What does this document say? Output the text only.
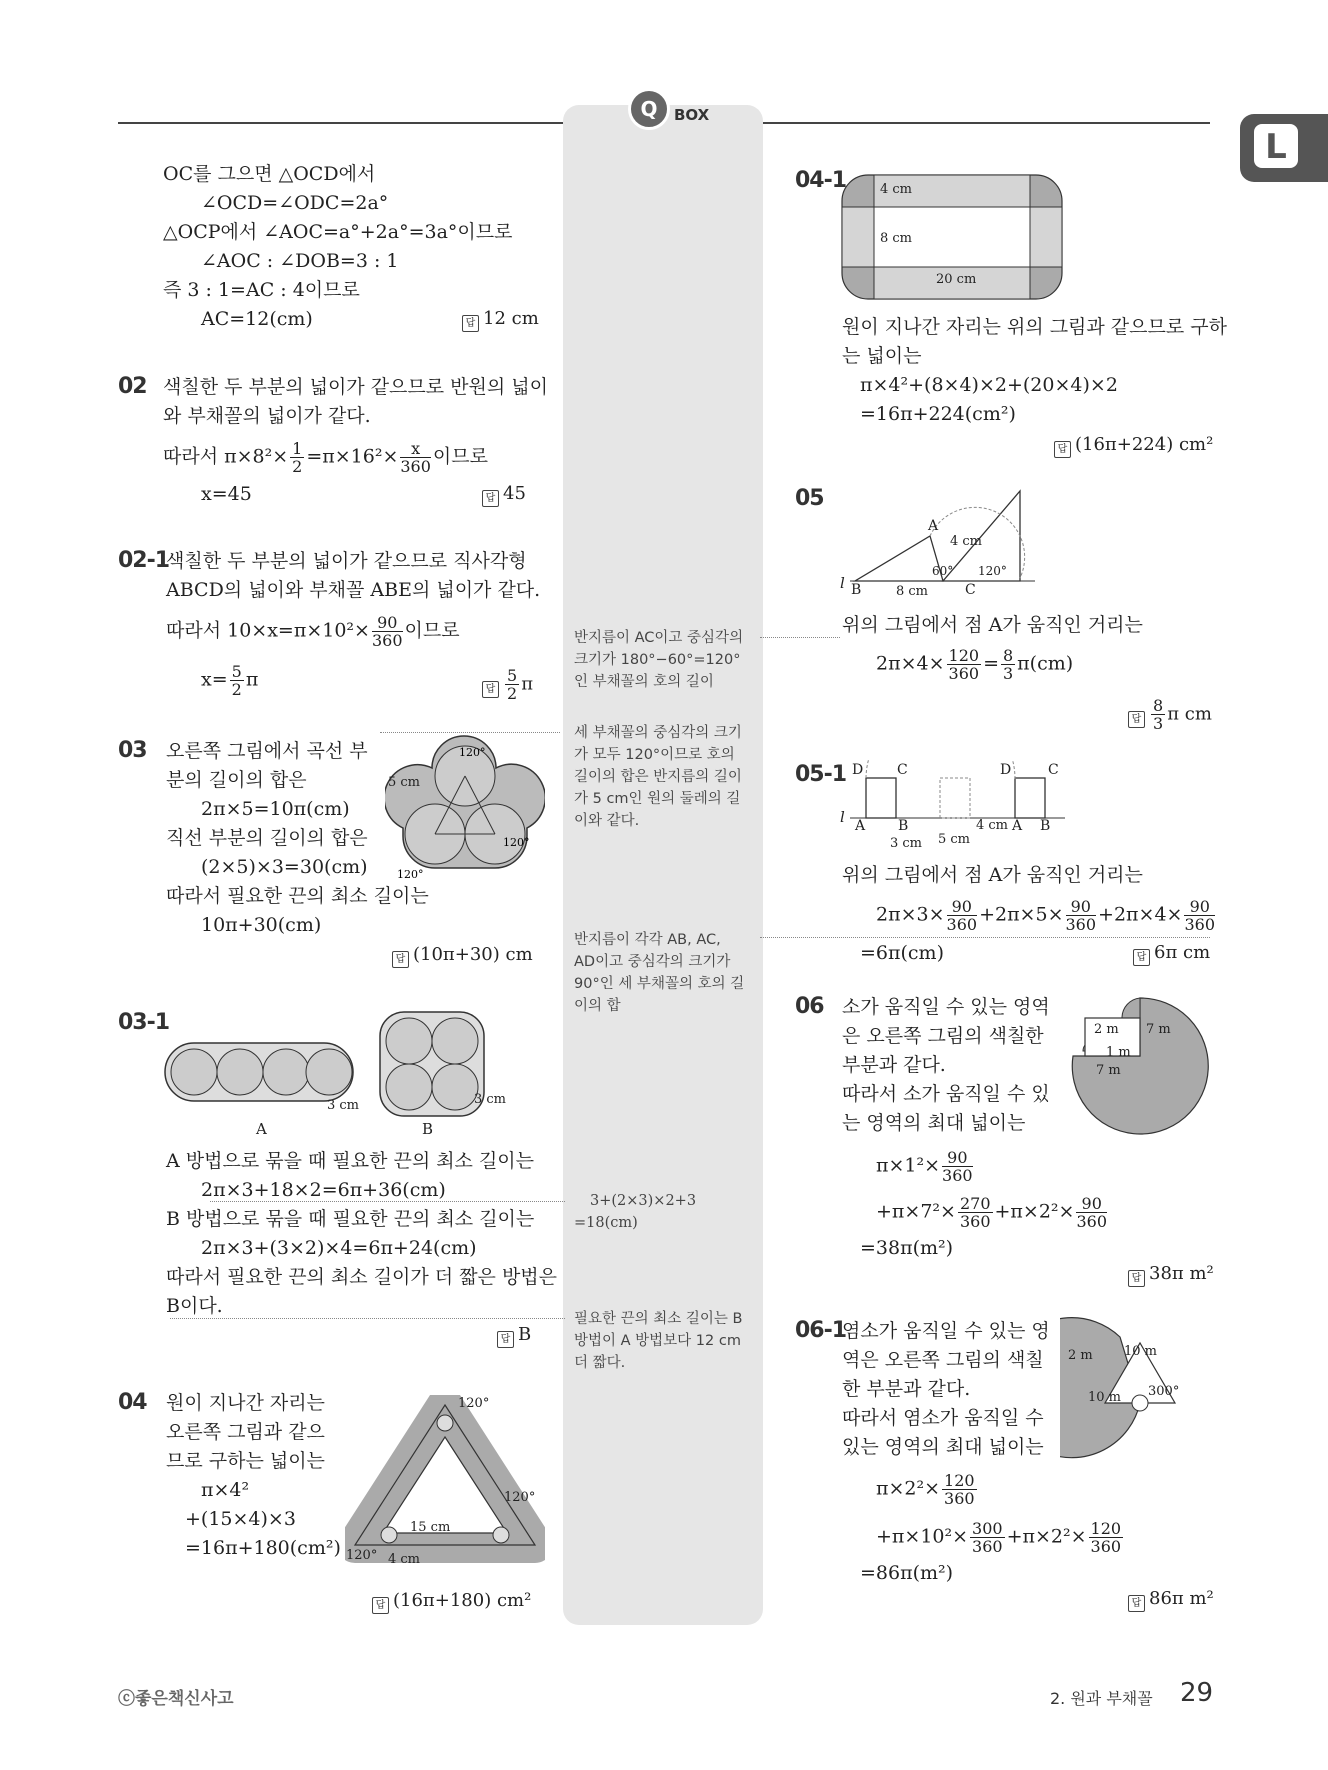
Q	BOX
L
OC를 그으면 △OCD에서
∠OCD=∠ODC=2a°
△OCP에서 ∠AOC=a°+2a°=3a°이므로
∠AOC : ∠DOB=3 : 1
즉 3 : 1=AC : 4이므로
AC=12(cm)	답 12 cm
02 색칠한 두 부분의 넓이가 같으므로 반원의 넓이
와 부채꼴의 넓이가 같다.
따라서 $\pi\times 8^2\times \frac{1}{2} =\pi\times 16^2\times \frac{x}{360}$ 이므로
x=45	답 45
02-1
색칠한 두 부분의 넓이가 같으므로 직사각형
ABCD의 넓이와 부채꼴 ABE의 넓이가 같다.
따라서 $10\times x=\pi\times 10^2\times \frac{90}{360}$ 이므로
$x= \frac{5}{2}$ π	답 $\frac{5}{2}$ π
03 오른쪽 그림에서 곡선 부
분의 길이의 합은
2π×5=10π(cm)
직선 부분의 길이의 합은
(2×5)×3=30(cm)
따라서 필요한 끈의 최소 길이는
10π+30(cm)
답 (10π+30) cm
120°
120°
120°
5 cm
03-1
3 cm
A
3 cm
B
A 방법으로 묶을 때 필요한 끈의 최소 길이는
2π×3+18×2=6π+36(cm)
B 방법으로 묶을 때 필요한 끈의 최소 길이는
2π×3+(3×2)×4=6π+24(cm)
따라서 필요한 끈의 최소 길이가 더 짧은 방법은
B이다.
답 B
04 원이 지나간 자리는
오른쪽 그림과 같으
므로 구하는 넓이는
π×4²
+(15×4)×3
=16π+180(cm²)
답 (16π+180) cm²
120°
120°
120°
15 cm
4 cm
반지름이 AC이고 중심각의
크기가 180°−60°=120°
인 부채꼴의 호의 길이
세 부채꼴의 중심각의 크기
가 모두 120°이므로 호의
길이의 합은 반지름의 길이
가 5 cm인 원의 둘레의 길
이와 같다.
반지름이 각각 AB, AC,
AD이고 중심각의 크기가
90°인 세 부채꼴의 호의 길
이의 합
3+(2×3)×2+3
=18(cm)
필요한 끈의 최소 길이는 B
방법이 A 방법보다 12 cm
더 짧다.
04-1	4 cm
8 cm
20 cm
원이 지나간 자리는 위의 그림과 같으므로 구하
는 넓이는
π×4²+(8×4)×2+(20×4)×2
=16π+224(cm²)
답 (16π+224) cm²
05
A
4 cm
60° 120°
l B	8 cm	C
위의 그림에서 점 A가 움직인 거리는
$2\pi\times 4\times \frac{120}{360} = \frac{8}{3} \pi(cm)$
답 $\frac{8}{3}$ π cm
05-1 D C	D	C
l A B
3 cm 5 cm
4 cm A B
위의 그림에서 점 A가 움직인 거리는
$2\pi\times 3\times \frac{90}{360} +2\pi\times 5\times \frac{90}{360} +2\pi\times 4\times \frac{90}{360}$
=6π(cm)	답 6π cm
06 소가 움직일 수 있는 영역
은 오른쪽 그림의 색칠한
부분과 같다.
따라서 소가 움직일 수 있
는 영역의 최대 넓이는
2 m 7 m
1 m
7 m
$\pi\times 1^2\times \frac{90}{360}$
$+\pi\times 7^2\times \frac{270}{360} +\pi\times 2^2\times \frac{90}{360}$
=38π(m²)
답 38π m²
06-1
염소가 움직일 수 있는 영
역은 오른쪽 그림의 색칠
한 부분과 같다.
따라서 염소가 움직일 수
있는 영역의 최대 넓이는
2 m 10 m
10 m 300°
$\pi\times 2^2\times \frac{120}{360}$
$+\pi\times 10^2\times \frac{300}{360} +\pi\times 2^2\times \frac{120}{360}$
=86π(m²)
답 86π m²
ⓒ좋은책신사고	2. 원과 부채꼴 29
